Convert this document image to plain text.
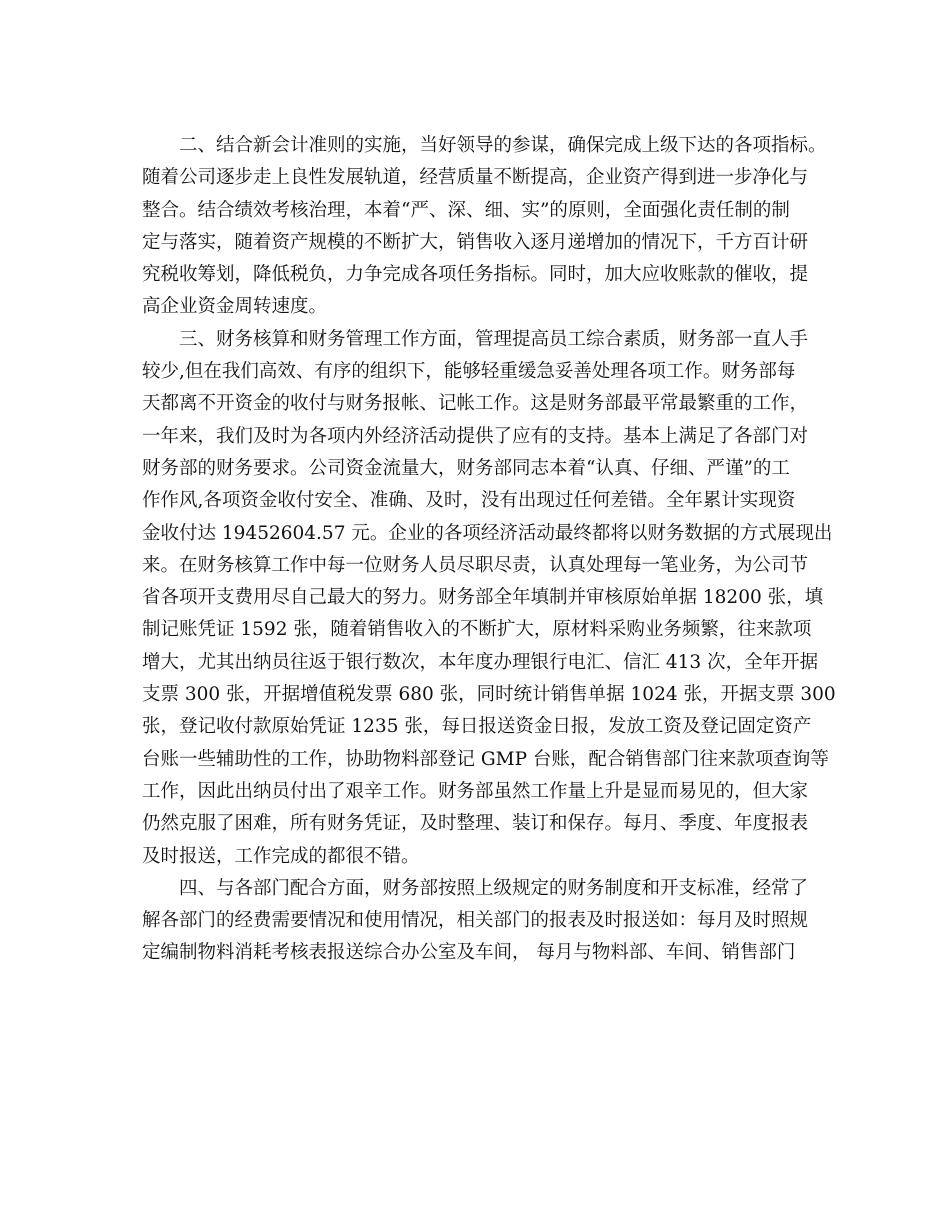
二、结合新会计准则的实施，当好领导的参谋，确保完成上级下达的各项指标。
随着公司逐步走上良性发展轨道，经营质量不断提高，企业资产得到进一步净化与
整合。结合绩效考核治理，本着“严、深、细、实”的原则，全面强化责任制的制
定与落实，随着资产规模的不断扩大，销售收入逐月递增加的情况下，千方百计研
究税收筹划，降低税负，力争完成各项任务指标。同时，加大应收账款的催收，提
高企业资金周转速度。
三、财务核算和财务管理工作方面，管理提高员工综合素质，财务部一直人手
较少,但在我们高效、有序的组织下，能够轻重缓急妥善处理各项工作。财务部每
天都离不开资金的收付与财务报帐、记帐工作。这是财务部最平常最繁重的工作，
一年来，我们及时为各项内外经济活动提供了应有的支持。基本上满足了各部门对
财务部的财务要求。公司资金流量大，财务部同志本着“认真、仔细、严谨”的工
作作风,各项资金收付安全、准确、及时，没有出现过任何差错。全年累计实现资
金收付达 19452604.57 元。企业的各项经济活动最终都将以财务数据的方式展现出
来。在财务核算工作中每一位财务人员尽职尽责，认真处理每一笔业务，为公司节
省各项开支费用尽自己最大的努力。财务部全年填制并审核原始单据 18200 张，填
制记账凭证 1592 张，随着销售收入的不断扩大，原材料采购业务频繁，往来款项
增大，尤其出纳员往返于银行数次，本年度办理银行电汇、信汇 413 次，全年开据
支票 300 张，开据增值税发票 680 张，同时统计销售单据 1024 张，开据支票 300
张，登记收付款原始凭证 1235 张，每日报送资金日报，发放工资及登记固定资产
台账一些辅助性的工作，协助物料部登记 GMP 台账，配合销售部门往来款项查询等
工作，因此出纳员付出了艰辛工作。财务部虽然工作量上升是显而易见的，但大家
仍然克服了困难，所有财务凭证，及时整理、装订和保存。每月、季度、年度报表
及时报送，工作完成的都很不错。
四、与各部门配合方面，财务部按照上级规定的财务制度和开支标准，经常了
解各部门的经费需要情况和使用情况，相关部门的报表及时报送如：每月及时照规
定编制物料消耗考核表报送综合办公室及车间， 每月与物料部、车间、销售部门
